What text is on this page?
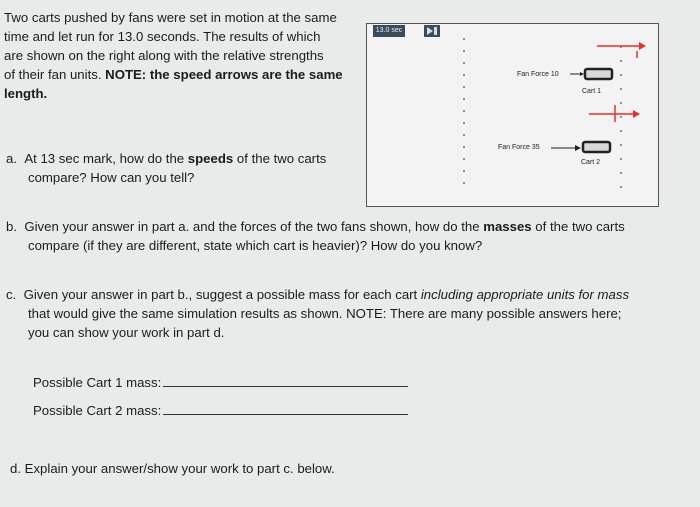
Two carts pushed by fans were set in motion at the same
time and let run for 13.0 seconds. The results of which
are shown on the right along with the relative strengths
of their fan units. NOTE: the speed arrows are the same
length.
a. At 13 sec mark, how do the speeds of the two carts
compare? How can you tell?
13.0 sec
Fan Force 10
Cart 1
Fan Force 35
Cart 2
b. Given your answer in part a. and the forces of the two fans shown, how do the masses of the two carts
compare (if they are different, state which cart is heavier)? How do you know?
c. Given your answer in part b., suggest a possible mass for each cart including appropriate units for mass
that would give the same simulation results as shown. NOTE: There are many possible answers here;
you can show your work in part d.
Possible Cart 1 mass:
Possible Cart 2 mass:
d. Explain your answer/show your work to part c. below.
